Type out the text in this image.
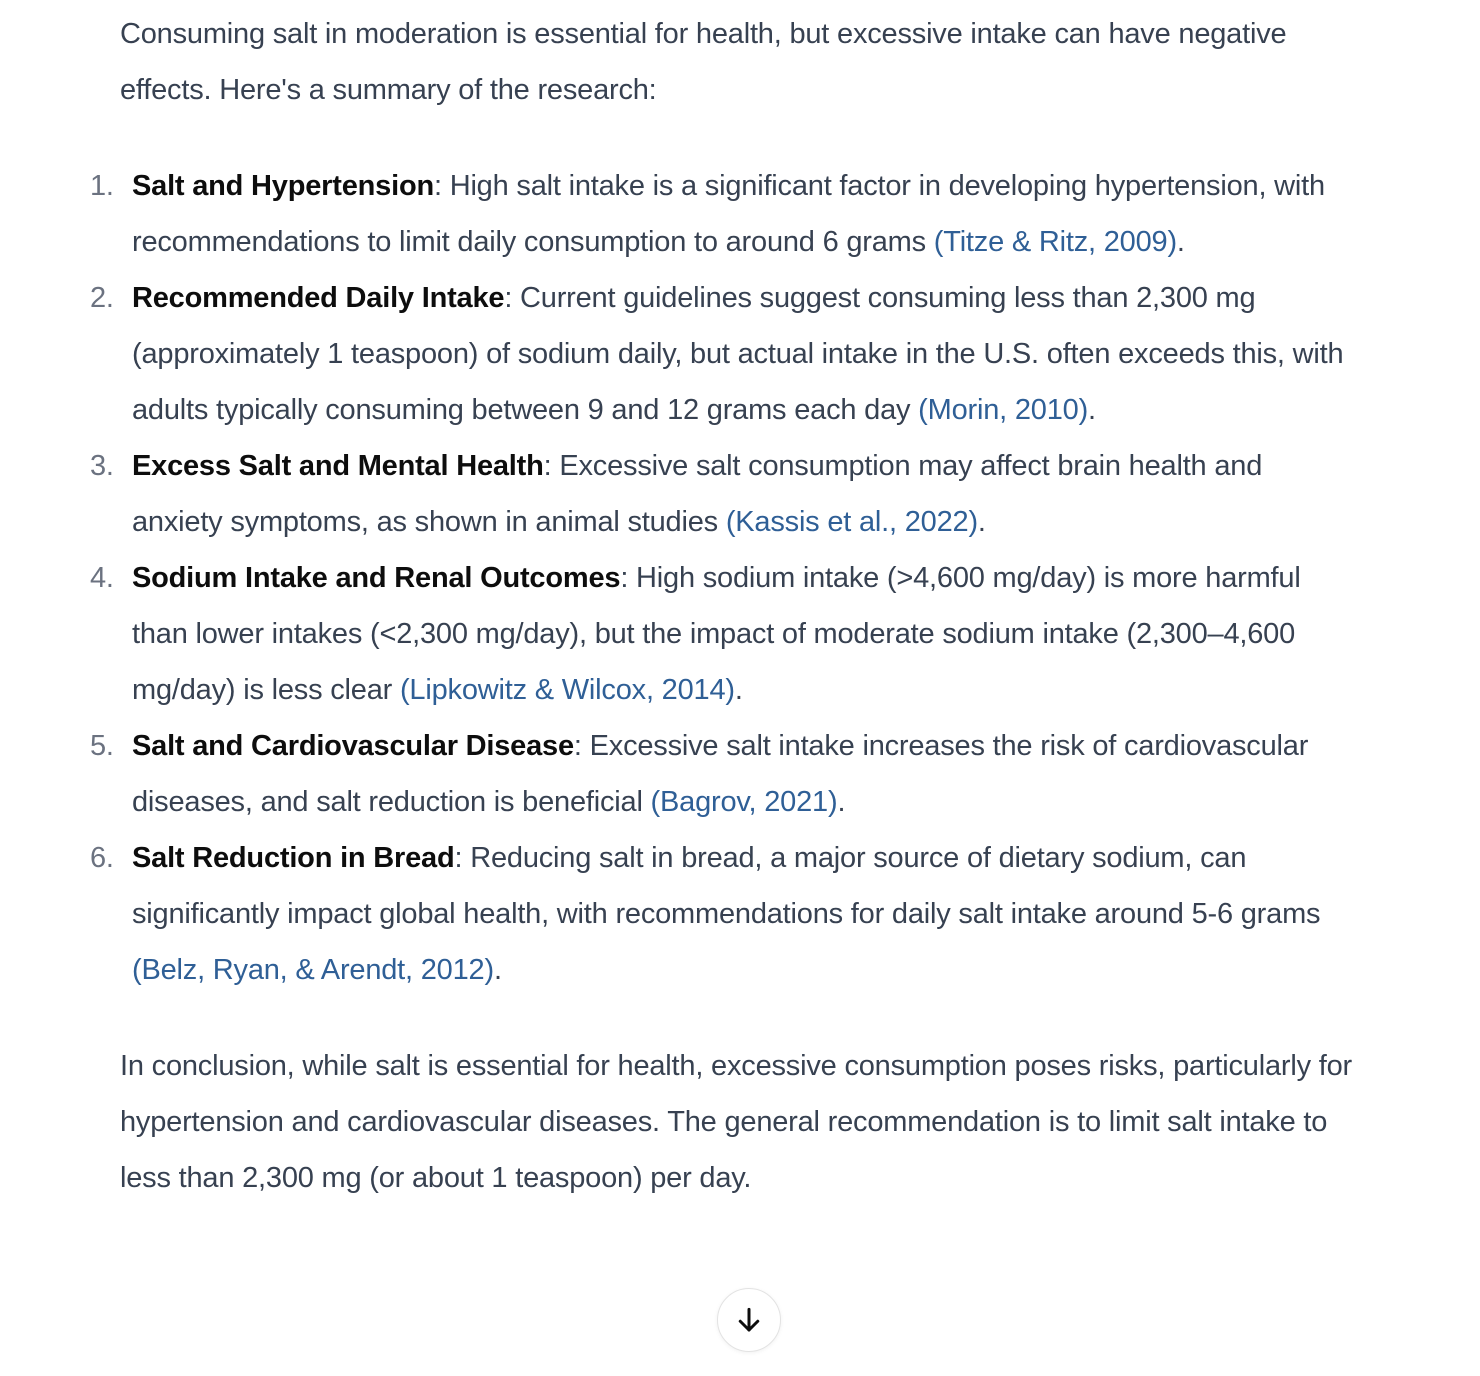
Consuming salt in moderation is essential for health, but excessive intake can have negative effects. Here's a summary of the research:

1. Salt and Hypertension: High salt intake is a significant factor in developing hypertension, with recommendations to limit daily consumption to around 6 grams (Titze & Ritz, 2009).
2. Recommended Daily Intake: Current guidelines suggest consuming less than 2,300 mg (approximately 1 teaspoon) of sodium daily, but actual intake in the U.S. often exceeds this, with adults typically consuming between 9 and 12 grams each day (Morin, 2010).
3. Excess Salt and Mental Health: Excessive salt consumption may affect brain health and anxiety symptoms, as shown in animal studies (Kassis et al., 2022).
4. Sodium Intake and Renal Outcomes: High sodium intake (>4,600 mg/day) is more harmful than lower intakes (<2,300 mg/day), but the impact of moderate sodium intake (2,300–4,600 mg/day) is less clear (Lipkowitz & Wilcox, 2014).
5. Salt and Cardiovascular Disease: Excessive salt intake increases the risk of cardiovascular diseases, and salt reduction is beneficial (Bagrov, 2021).
6. Salt Reduction in Bread: Reducing salt in bread, a major source of dietary sodium, can significantly impact global health, with recommendations for daily salt intake around 5-6 grams (Belz, Ryan, & Arendt, 2012).

In conclusion, while salt is essential for health, excessive consumption poses risks, particularly for hypertension and cardiovascular diseases. The general recommendation is to limit salt intake to less than 2,300 mg (or about 1 teaspoon) per day.
